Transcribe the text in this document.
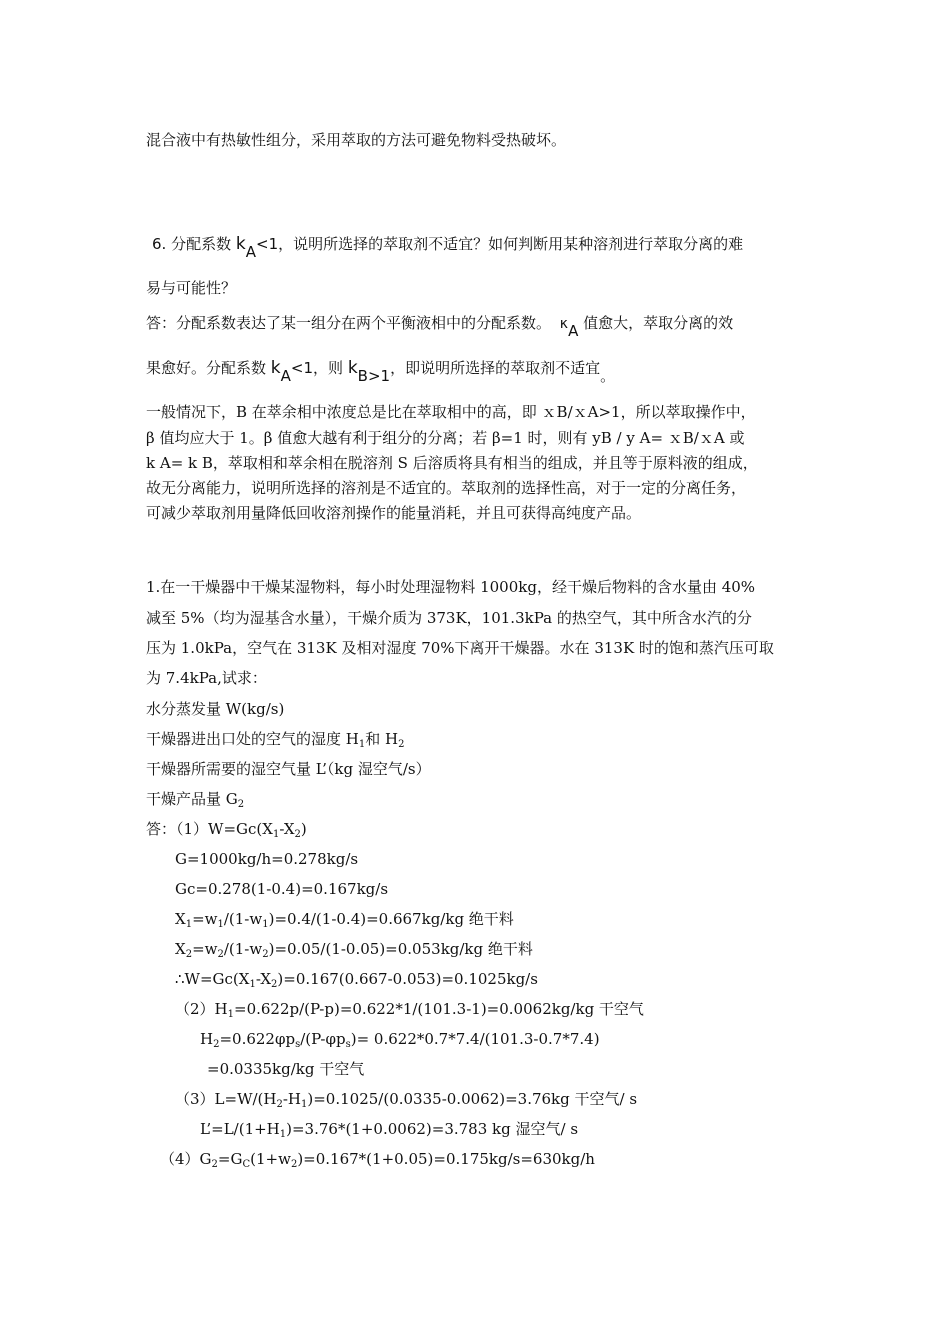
混合液中有热敏性组分，采用萃取的方法可避免物料受热破坏。
6. 分配系数 $k_A<1$，说明所选择的萃取剂不适宜？如何判断用某种溶剂进行萃取分离的难
易与可能性？
答：分配系数表达了某一组分在两个平衡液相中的分配系数。 $\kappa_A$ 值愈大，萃取分离的效
果愈好。分配系数 $k_A<1$，则 $k_{B>1}$，即说明所选择的萃取剂不适宜$_。$
一般情况下，B 在萃余相中浓度总是比在萃取相中的高，即 ｘB/ｘA>1，所以萃取操作中，
β 值均应大于 1。β 值愈大越有利于组分的分离；若 β=1 时，则有 yB / y A= ｘB/ｘA 或
k A= k B，萃取相和萃余相在脱溶剂 S 后溶质将具有相当的组成，并且等于原料液的组成，
故无分离能力，说明所选择的溶剂是不适宜的。萃取剂的选择性高，对于一定的分离任务，
可减少萃取剂用量降低回收溶剂操作的能量消耗，并且可获得高纯度产品。
1.在一干燥器中干燥某湿物料，每小时处理湿物料 1000kg，经干燥后物料的含水量由 40%
减至 5%（均为湿基含水量），干燥介质为 373K，101.3kPa 的热空气，其中所含水汽的分
压为 1.0kPa，空气在 313K 及相对湿度 70%下离开干燥器。水在 313K 时的饱和蒸汽压可取
为 7.4kPa,试求：
水分蒸发量 W(kg/s)
干燥器进出口处的空气的湿度 $H_1$和 $H_2$
干燥器所需要的湿空气量 L’（kg 湿空气/s）
干燥产品量 $G_2$
答：$(1)W=Gc(X_1-X_2)$
G=1000kg/h=0.278kg/s
Gc=0.278(1-0.4)=0.167kg/s
$X_1=w_1/(1-w_1)=0.4/(1-0.4)=0.667kg/kg$ 绝干料
$X_2=w_2/(1-w_2)=0.05/(1-0.05)=0.053kg/kg$ 绝干料
$\therefore W=Gc(X_1-X_2)=0.167(0.667-0.053)=0.1025kg/s$
$(2)H_1=0.622p/(P-p)=0.622*1/(101.3-1)=0.0062kg/kg$ 干空气
$H_2=0.622\varphi p_s/(P-\varphi p_s)= 0.622*0.7*7.4/(101.3-0.7*7.4)$
=0.0335kg/kg 干空气
$(3)L=W/(H_2-H_1)=0.1025/(0.0335-0.0062)=3.76kg$ 干空气/ s
$L’=L/(1+H_1)=3.76*(1+0.0062)=3.783$ kg 湿空气/ s
$(4)G_2=G_C(1+w_2)=0.167*(1+0.05)=0.175kg/s=630kg/h$
